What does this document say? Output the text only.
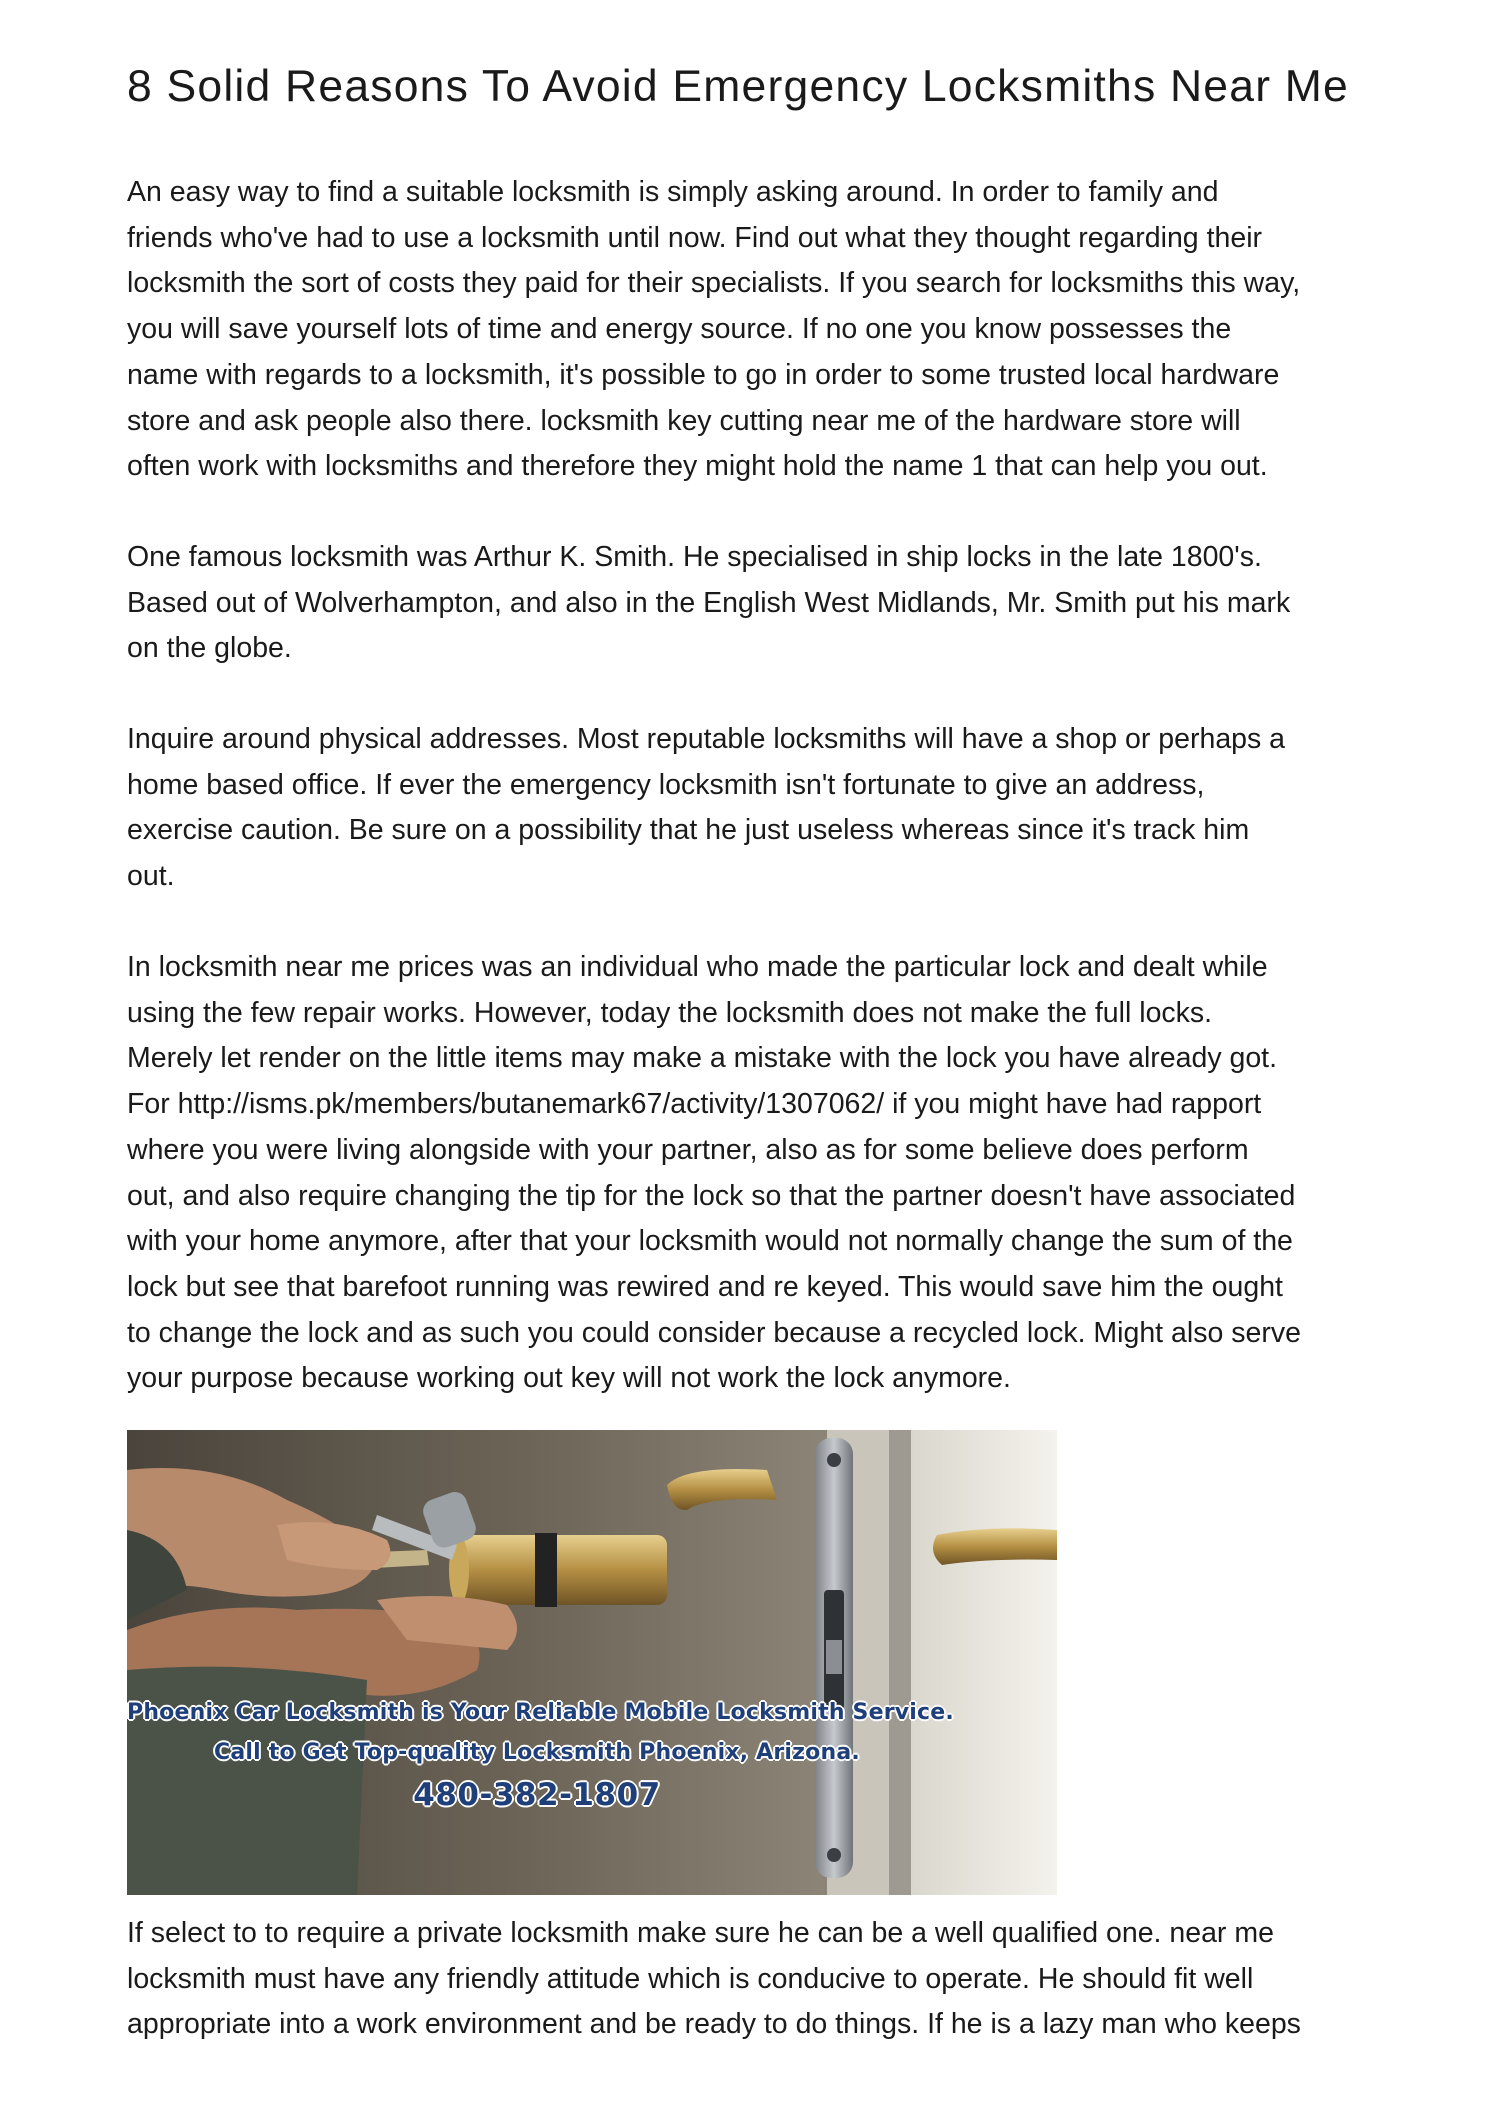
8 Solid Reasons To Avoid Emergency Locksmiths Near Me

An easy way to find a suitable locksmith is simply asking around. In order to family and
friends who've had to use a locksmith until now. Find out what they thought regarding their
locksmith the sort of costs they paid for their specialists. If you search for locksmiths this way,
you will save yourself lots of time and energy source. If no one you know possesses the
name with regards to a locksmith, it's possible to go in order to some trusted local hardware
store and ask people also there. locksmith key cutting near me of the hardware store will
often work with locksmiths and therefore they might hold the name 1 that can help you out.

One famous locksmith was Arthur K. Smith. He specialised in ship locks in the late 1800's.
Based out of Wolverhampton, and also in the English West Midlands, Mr. Smith put his mark
on the globe.

Inquire around physical addresses. Most reputable locksmiths will have a shop or perhaps a
home based office. If ever the emergency locksmith isn't fortunate to give an address,
exercise caution. Be sure on a possibility that he just useless whereas since it's track him
out.

In locksmith near me prices was an individual who made the particular lock and dealt while
using the few repair works. However, today the locksmith does not make the full locks.
Merely let render on the little items may make a mistake with the lock you have already got.
For http://isms.pk/members/butanemark67/activity/1307062/ if you might have had rapport
where you were living alongside with your partner, also as for some believe does perform
out, and also require changing the tip for the lock so that the partner doesn't have associated
with your home anymore, after that your locksmith would not normally change the sum of the
lock but see that barefoot running was rewired and re keyed. This would save him the ought
to change the lock and as such you could consider because a recycled lock. Might also serve
your purpose because working out key will not work the lock anymore.

Phoenix Car Locksmith is Your Reliable Mobile Locksmith Service.
Call to Get Top-quality Locksmith Phoenix, Arizona.
480-382-1807

If select to to require a private locksmith make sure he can be a well qualified one. near me
locksmith must have any friendly attitude which is conducive to operate. He should fit well
appropriate into a work environment and be ready to do things. If he is a lazy man who keeps
